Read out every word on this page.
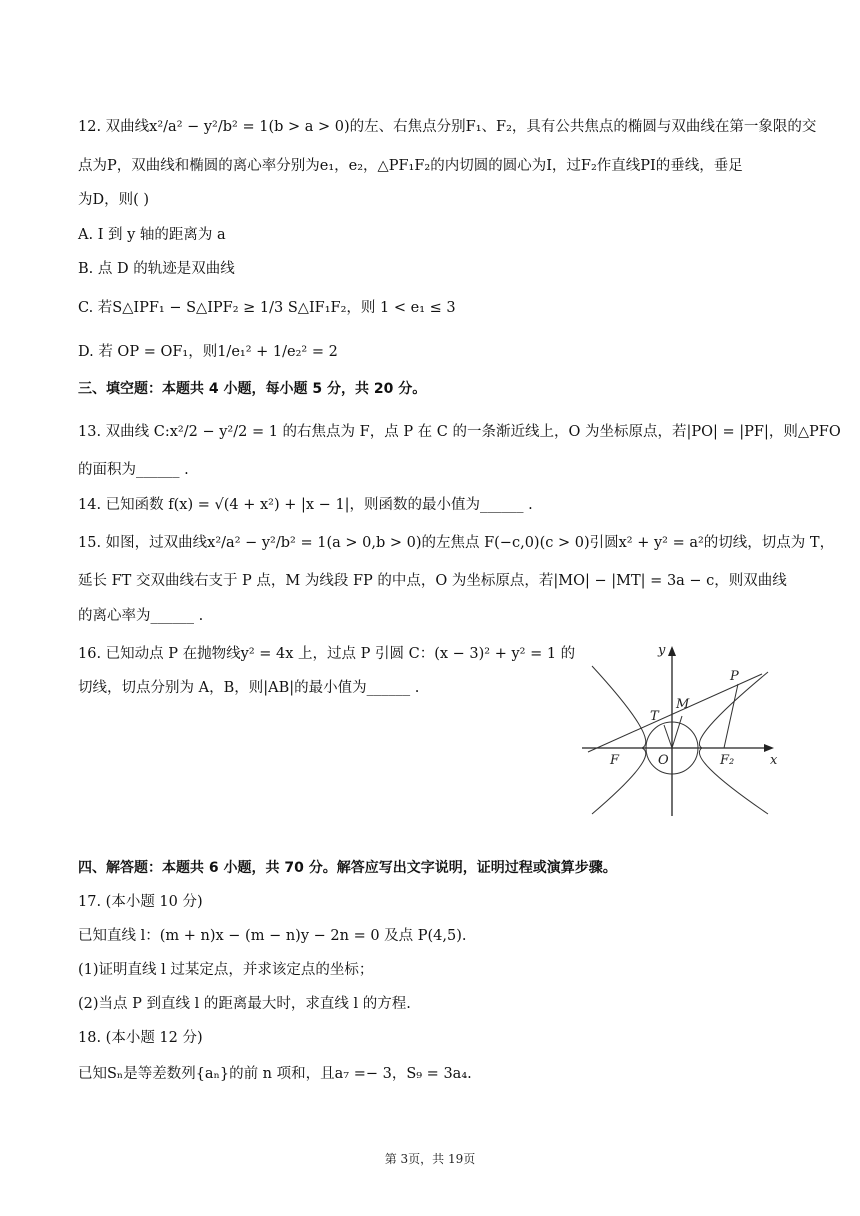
12. 双曲线x²/a² − y²/b² = 1(b > a > 0)的左、右焦点分别F₁、F₂，具有公共焦点的椭圆与双曲线在第一象限的交
点为P，双曲线和椭圆的离心率分别为e₁，e₂，△PF₁F₂的内切圆的圆心为I，过F₂作直线PI的垂线，垂足
为D，则( )
A. I 到 y 轴的距离为 a
B. 点 D 的轨迹是双曲线
C. 若S△IPF₁ − S△IPF₂ ≥ 1/3 S△IF₁F₂，则 1 < e₁ ≤ 3
D. 若 OP = OF₁，则1/e₁² + 1/e₂² = 2
三、填空题：本题共 4 小题，每小题 5 分，共 20 分。
13. 双曲线 C:x²/2 − y²/2 = 1 的右焦点为 F，点 P 在 C 的一条渐近线上，O 为坐标原点，若|PO| = |PF|，则△PFO
的面积为______ .
14. 已知函数 f(x) = √(4 + x²) + |x − 1|，则函数的最小值为______ .
15. 如图，过双曲线x²/a² − y²/b² = 1(a > 0,b > 0)的左焦点 F(−c,0)(c > 0)引圆x² + y² = a²的切线，切点为 T，
延长 FT 交双曲线右支于 P 点，M 为线段 FP 的中点，O 为坐标原点，若|MO| − |MT| = 3a − c，则双曲线
的离心率为______ .
16. 已知动点 P 在抛物线y² = 4x 上，过点 P 引圆 C：(x − 3)² + y² = 1 的
切线，切点分别为 A，B，则|AB|的最小值为______ .
y
x
P
M
T
F	O	F₂
四、解答题：本题共 6 小题，共 70 分。解答应写出文字说明，证明过程或演算步骤。
17. (本小题 10 分)
已知直线 l：(m + n)x − (m − n)y − 2n = 0 及点 P(4,5).
(1)证明直线 l 过某定点，并求该定点的坐标；
(2)当点 P 到直线 l 的距离最大时，求直线 l 的方程.
18. (本小题 12 分)
已知Sₙ是等差数列{aₙ}的前 n 项和，且a₇ =− 3，S₉ = 3a₄.
第 3页，共 19页
